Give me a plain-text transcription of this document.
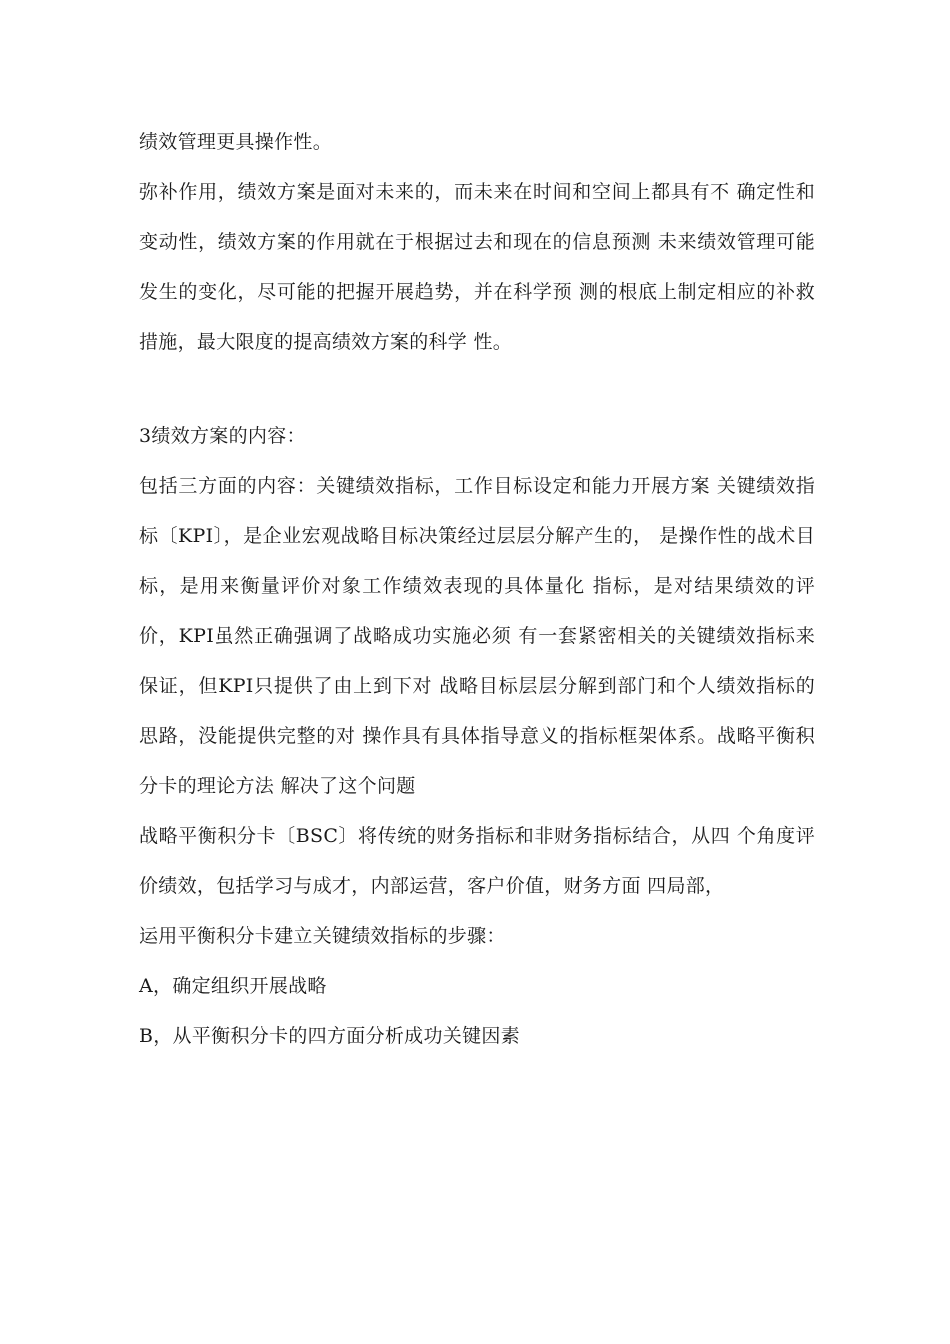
绩效管理更具操作性。

弥补作用，绩效方案是面对未来的，而未来在时间和空间上都具有不 确定性和变动性，绩效方案的作用就在于根据过去和现在的信息预测 未来绩效管理可能发生的变化，尽可能的把握开展趋势，并在科学预 测的根底上制定相应的补救措施，最大限度的提高绩效方案的科学 性。

3绩效方案的内容：

包括三方面的内容：关键绩效指标，工作目标设定和能力开展方案 关键绩效指标〔KPI〕，是企业宏观战略目标决策经过层层分解产生的， 是操作性的战术目标，是用来衡量评价对象工作绩效表现的具体量化 指标，是对结果绩效的评价，KPI虽然正确强调了战略成功实施必须 有一套紧密相关的关键绩效指标来保证，但KPI只提供了由上到下对 战略目标层层分解到部门和个人绩效指标的思路，没能提供完整的对 操作具有具体指导意义的指标框架体系。战略平衡积分卡的理论方法 解决了这个问题

战略平衡积分卡〔BSC〕将传统的财务指标和非财务指标结合，从四 个角度评价绩效，包括学习与成才，内部运营，客户价值，财务方面 四局部，

运用平衡积分卡建立关键绩效指标的步骤：

A，确定组织开展战略

B，从平衡积分卡的四方面分析成功关键因素
